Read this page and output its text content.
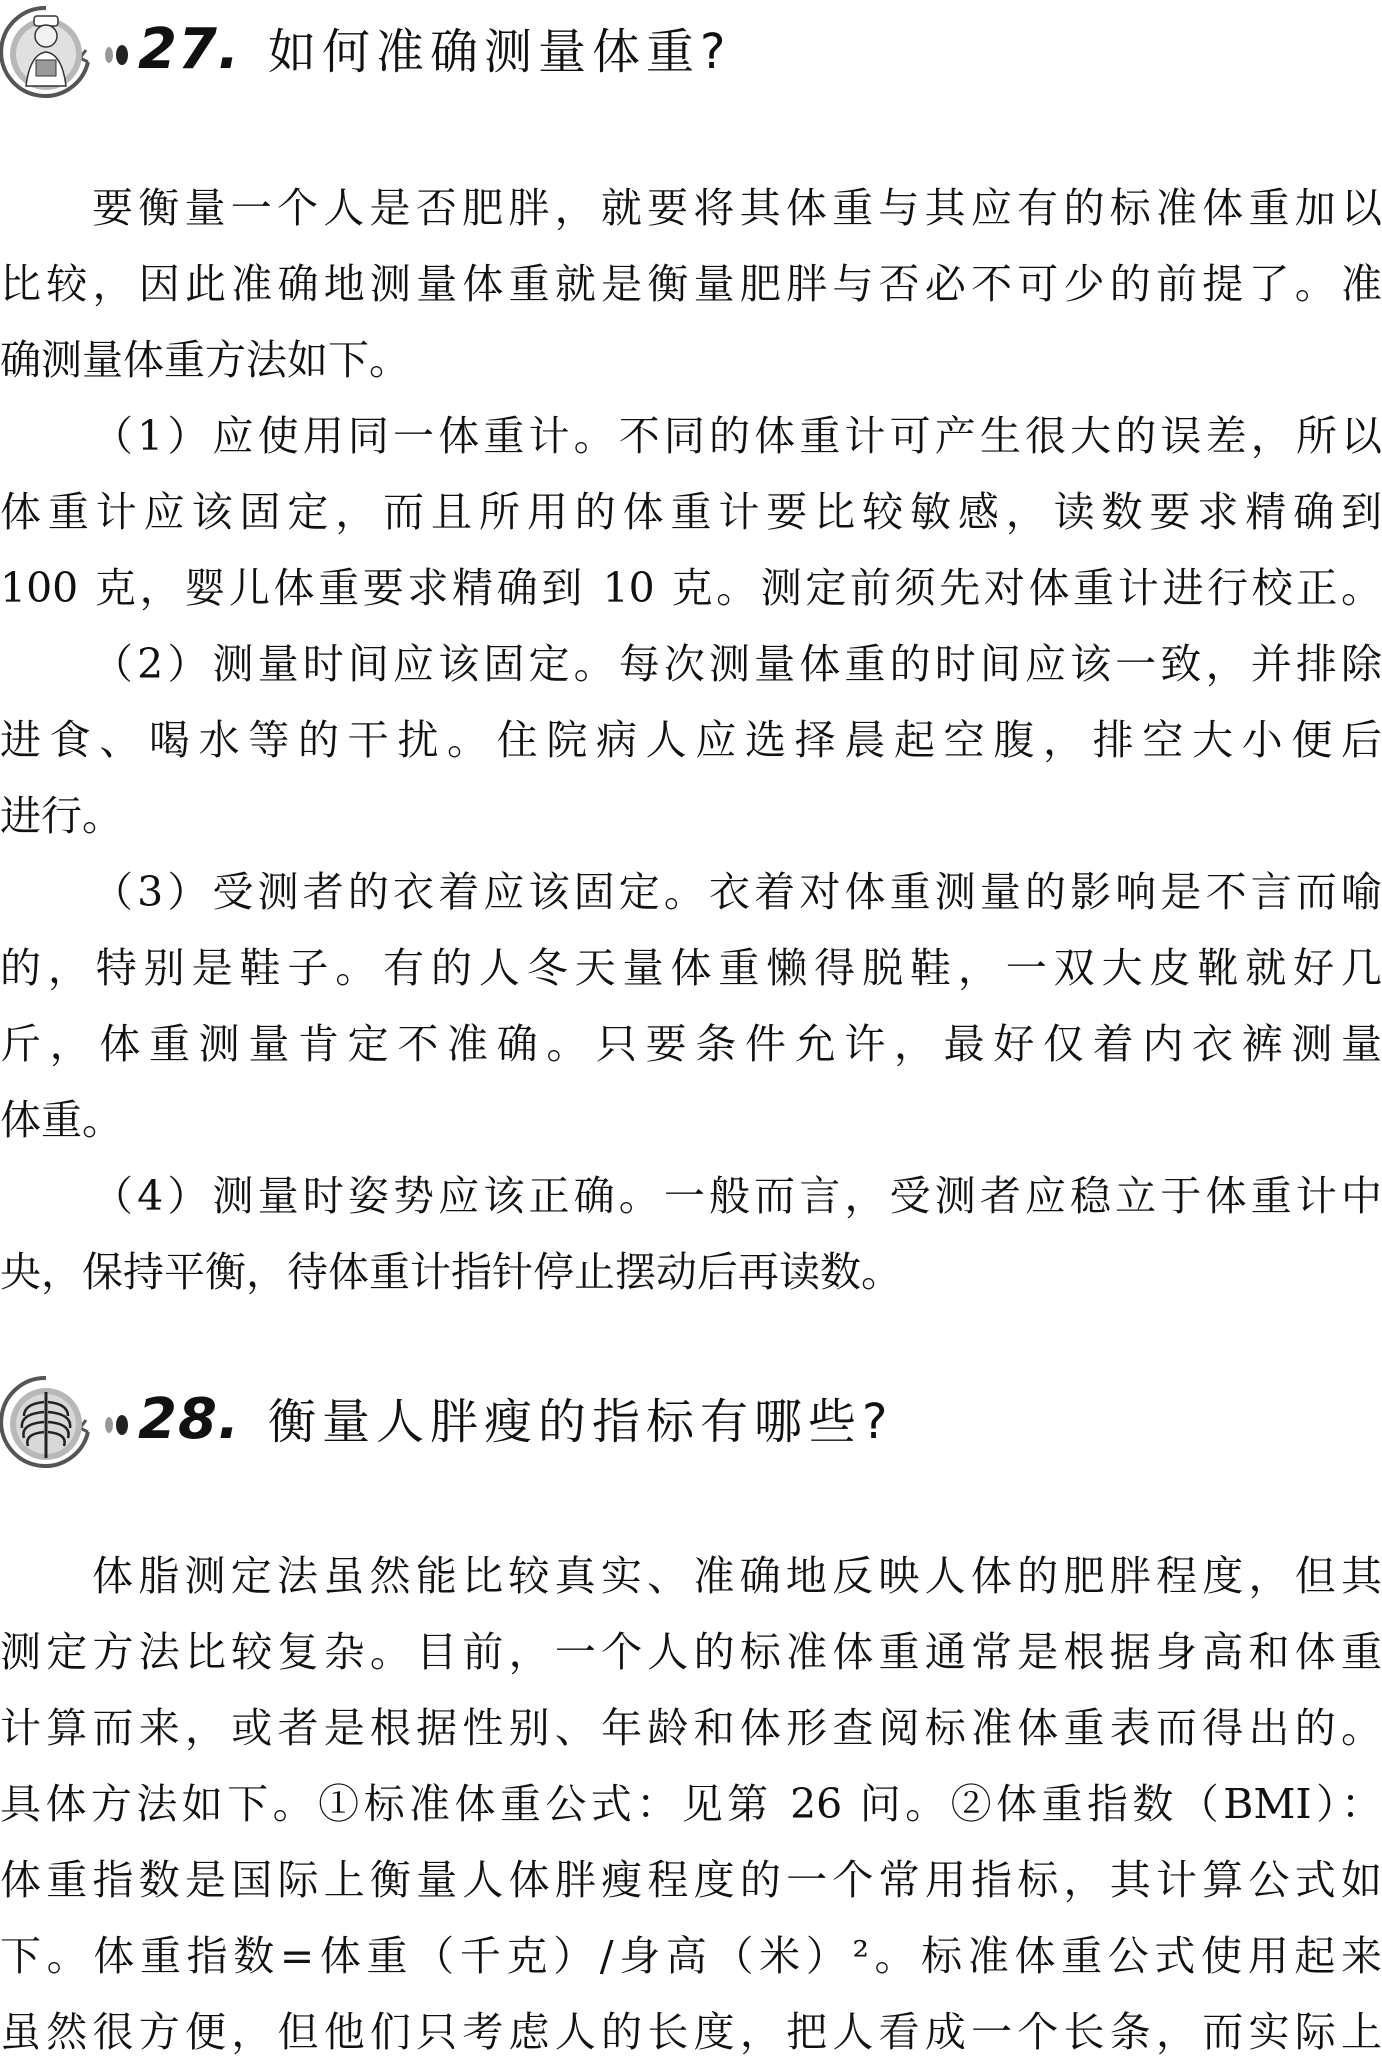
27. 如何准确测量体重?
要衡量一个人是否肥胖，就要将其体重与其应有的标准体重加以
比较，因此准确地测量体重就是衡量肥胖与否必不可少的前提了。准
确测量体重方法如下。
（1）应使用同一体重计。不同的体重计可产生很大的误差，所以
体重计应该固定，而且所用的体重计要比较敏感，读数要求精确到
100 克，婴儿体重要求精确到 10 克。测定前须先对体重计进行校正。
（2）测量时间应该固定。每次测量体重的时间应该一致，并排除
进食、喝水等的干扰。住院病人应选择晨起空腹，排空大小便后
进行。
（3）受测者的衣着应该固定。衣着对体重测量的影响是不言而喻
的，特别是鞋子。有的人冬天量体重懒得脱鞋，一双大皮靴就好几
斤，体重测量肯定不准确。只要条件允许，最好仅着内衣裤测量
体重。
（4）测量时姿势应该正确。一般而言，受测者应稳立于体重计中
央，保持平衡，待体重计指针停止摆动后再读数。
28. 衡量人胖瘦的指标有哪些?
体脂测定法虽然能比较真实、准确地反映人体的肥胖程度，但其
测定方法比较复杂。目前，一个人的标准体重通常是根据身高和体重
计算而来，或者是根据性别、年龄和体形查阅标准体重表而得出的。
具体方法如下。①标准体重公式：见第 26 问。②体重指数（BMI）：
体重指数是国际上衡量人体胖瘦程度的一个常用指标，其计算公式如
下。体重指数=体重（千克）/身高（米）²。标准体重公式使用起来
虽然很方便，但他们只考虑人的长度，把人看成一个长条，而实际上
